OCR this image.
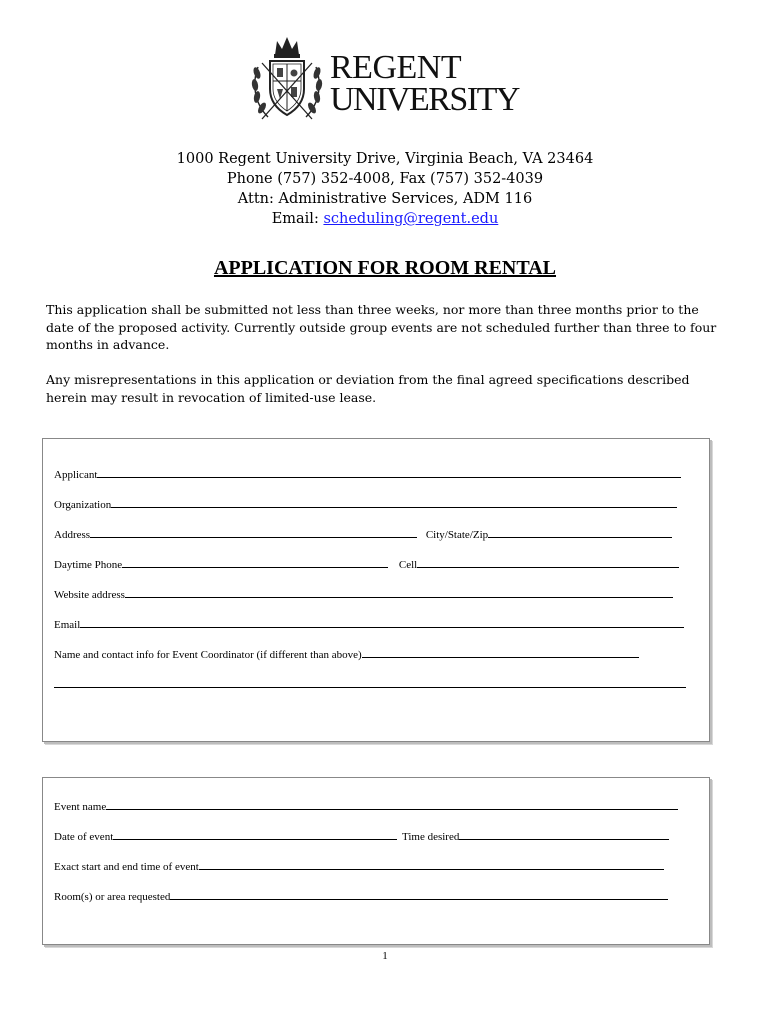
REGENT
UNIVERSITY
1000 Regent University Drive, Virginia Beach, VA 23464
Phone (757) 352-4008, Fax (757) 352-4039
Attn: Administrative Services, ADM 116
Email: scheduling@regent.edu
APPLICATION FOR ROOM RENTAL
This application shall be submitted not less than three weeks, nor more than three months prior to the date of the proposed activity. Currently outside group events are not scheduled further than three to four months in advance.
Any misrepresentations in this application or deviation from the final agreed specifications described herein may result in revocation of limited-use lease.
Applicant
Organization
Address	City/State/Zip
Daytime Phone	Cell
Website address
Email
Name and contact info for Event Coordinator (if different than above)
Event name
Date of event	Time desired
Exact start and end time of event
Room(s) or area requested
1
